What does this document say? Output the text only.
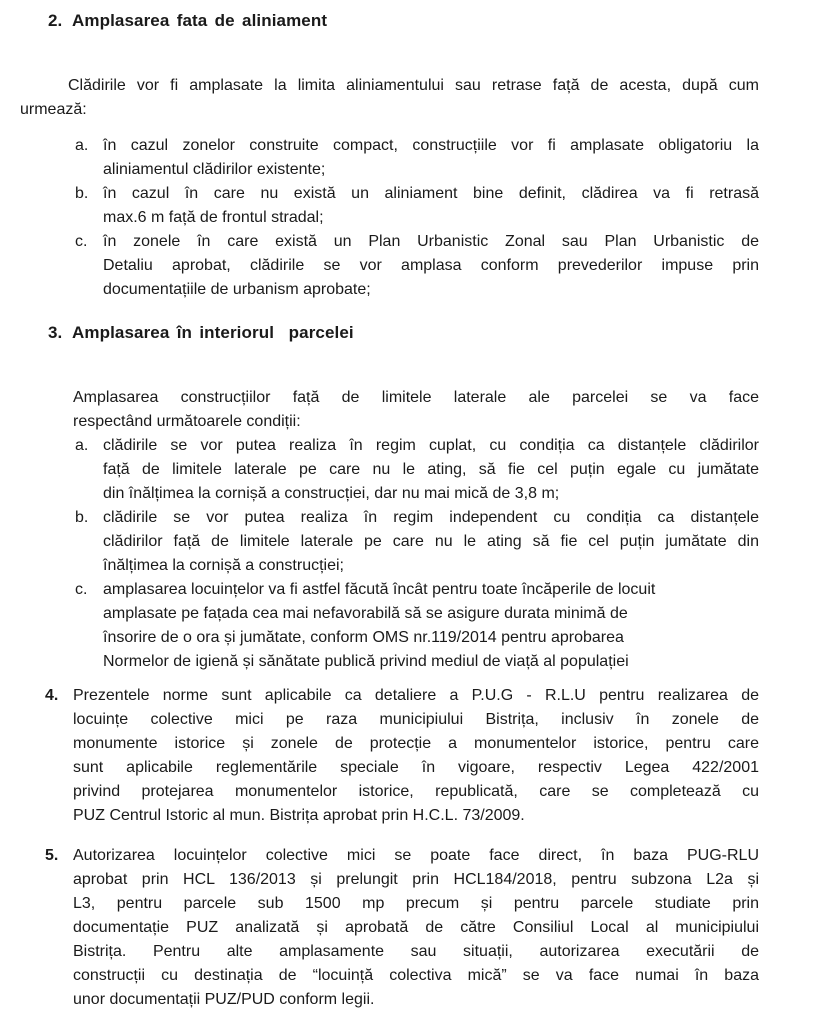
2. Amplasarea fata de aliniament
Clădirile vor fi amplasate la limita aliniamentului sau retrase față de acesta, după cum
urmează:
a. în cazul zonelor construite compact, construcțiile vor fi amplasate obligatoriu la
aliniamentul clădirilor existente;
b. în cazul în care nu există un aliniament bine definit, clădirea va fi retrasă
max.6 m față de frontul stradal;
c. în zonele în care există un Plan Urbanistic Zonal sau Plan Urbanistic de
Detaliu aprobat, clădirile se vor amplasa conform prevederilor impuse prin
documentațiile de urbanism aprobate;
3. Amplasarea în interiorul  parcelei
Amplasarea construcțiilor față de limitele laterale ale parcelei se va face
respectând următoarele condiții:
a. clădirile se vor putea realiza în regim cuplat, cu condiția ca distanțele clădirilor
față de limitele laterale pe care nu le ating, să fie cel puțin egale cu jumătate
din înălțimea la cornișă a construcției, dar nu mai mică de 3,8 m;
b. clădirile se vor putea realiza în regim independent cu condiția ca distanțele
clădirilor față de limitele laterale pe care nu le ating să fie cel puțin jumătate din
înălțimea la cornișă a construcției;
c. amplasarea locuințelor va fi astfel făcută încât pentru toate încăperile de locuit
amplasate pe fațada cea mai nefavorabilă să se asigure durata minimă de
însorire de o ora și jumătate, conform OMS nr.119/2014 pentru aprobarea
Normelor de igienă și sănătate publică privind mediul de viață al populației
4. Prezentele norme sunt aplicabile ca detaliere a P.U.G - R.L.U pentru realizarea de
locuințe colective mici pe raza municipiului Bistrița, inclusiv în zonele de
monumente istorice și zonele de protecție a monumentelor istorice, pentru care
sunt aplicabile reglementările speciale în vigoare, respectiv Legea 422/2001
privind protejarea monumentelor istorice, republicată, care se completează cu
PUZ Centrul Istoric al mun. Bistrița aprobat prin H.C.L. 73/2009.
5. Autorizarea locuințelor colective mici se poate face direct, în baza PUG-RLU
aprobat prin HCL 136/2013 și prelungit prin HCL184/2018, pentru subzona L2a și
L3, pentru parcele sub 1500 mp precum și pentru parcele studiate prin
documentație PUZ analizată și aprobată de către Consiliul Local al municipiului
Bistrița. Pentru alte amplasamente sau situații, autorizarea executării de
construcții cu destinația de “locuință colectiva mică” se va face numai în baza
unor documentații PUZ/PUD conform legii.
